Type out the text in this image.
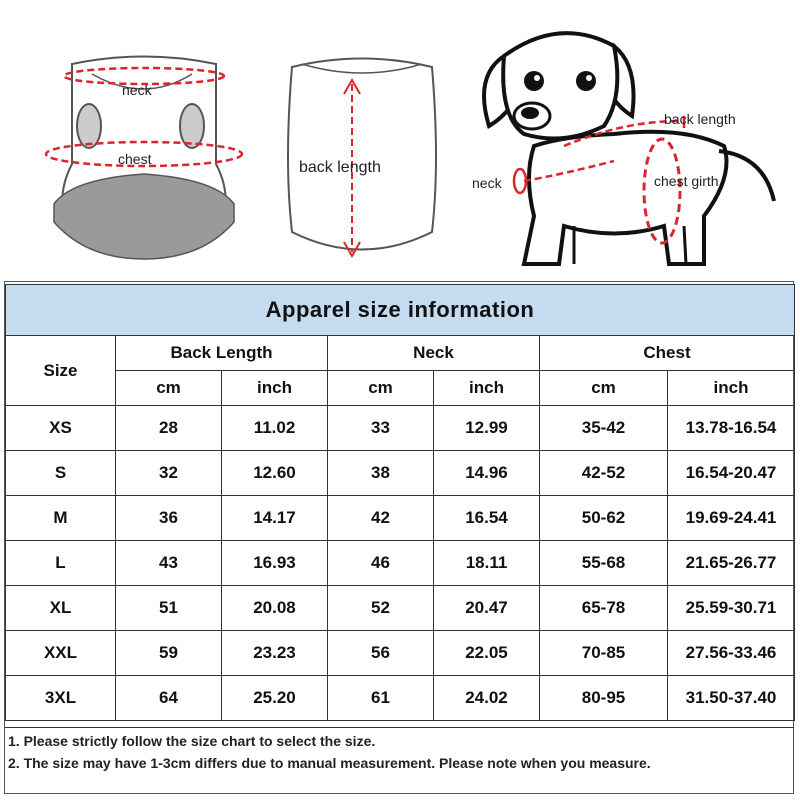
neck
chest	back length
back length
neck	chest girth
Apparel size information						
Size	Back Length		Neck		Chest	
	cm	inch	cm	inch	cm	inch
XS	28	11.02	33	12.99	35-42	13.78-16.54
S	32	12.60	38	14.96	42-52	16.54-20.47
M	36	14.17	42	16.54	50-62	19.69-24.41
L	43	16.93	46	18.11	55-68	21.65-26.77
XL	51	20.08	52	20.47	65-78	25.59-30.71
XXL	59	23.23	56	22.05	70-85	27.56-33.46
3XL	64	25.20	61	24.02	80-95	31.50-37.40
1. Please strictly follow the size chart to select the size.
2. The size may have 1-3cm differs due to manual measurement. Please note when you measure.
